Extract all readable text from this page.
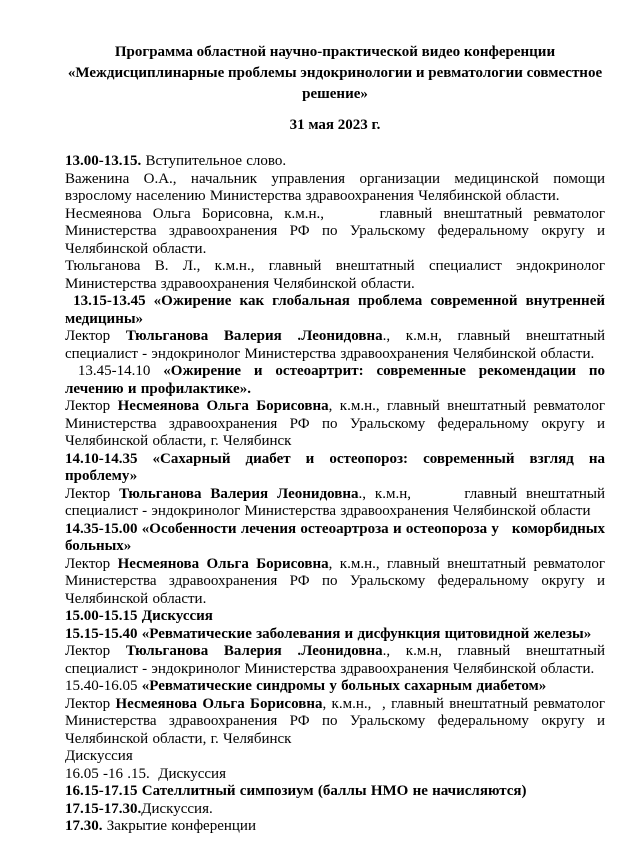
Программа областной научно-практической видео конференции
«Междисциплинарные проблемы эндокринологии и ревматологии совместное
решение»
31 мая 2023 г.

13.00-13.15. Вступительное слово.

Важенина О.А., начальник управления организации медицинской помощи взрослому населению Министерства здравоохранения Челябинской области.

Несмеянова Ольга Борисовна, к.м.н.,     главный внештатный ревматолог Министерства здравоохранения РФ по Уральскому федеральному округу и Челябинской области.

Тюльганова В. Л., к.м.н., главный внештатный специалист эндокринолог Министерства здравоохранения Челябинской области.

13.15-13.45 «Ожирение как глобальная проблема современной внутренней медицины»

Лектор Тюльганова Валерия .Леонидовна., к.м.н, главный внештатный специалист - эндокринолог Министерства здравоохранения Челябинской области.

13.45-14.10 «Ожирение и остеоартрит: современные рекомендации по лечению и профилактике».

Лектор Несмеянова Ольга Борисовна, к.м.н., главный внештатный ревматолог Министерства здравоохранения РФ по Уральскому федеральному округу и Челябинской области, г. Челябинск

14.10-14.35 «Сахарный диабет и остеопороз: современный взгляд на проблему»

Лектор Тюльганова Валерия Леонидовна., к.м.н,      главный внештатный специалист - эндокринолог Министерства здравоохранения Челябинской области

14.35-15.00 «Особенности лечения остеоартроза и остеопороза у   коморбидных больных»

Лектор Несмеянова Ольга Борисовна, к.м.н., главный внештатный ревматолог Министерства здравоохранения РФ по Уральскому федеральному округу и Челябинской области.

15.00-15.15 Дискуссия

15.15-15.40 «Ревматические заболевания и дисфункция щитовидной железы»

Лектор Тюльганова Валерия .Леонидовна., к.м.н, главный внештатный специалист - эндокринолог Министерства здравоохранения Челябинской области.

15.40-16.05 «Ревматические синдромы у больных сахарным диабетом»

Лектор Несмеянова Ольга Борисовна, к.м.н.,  , главный внештатный ревматолог Министерства здравоохранения РФ по Уральскому федеральному округу и Челябинской области, г. Челябинск

Дискуссия

16.05 -16 .15.  Дискуссия

16.15-17.15 Сателлитный симпозиум (баллы НМО не начисляются)

17.15-17.30.Дискуссия.

17.30. Закрытие конференции
